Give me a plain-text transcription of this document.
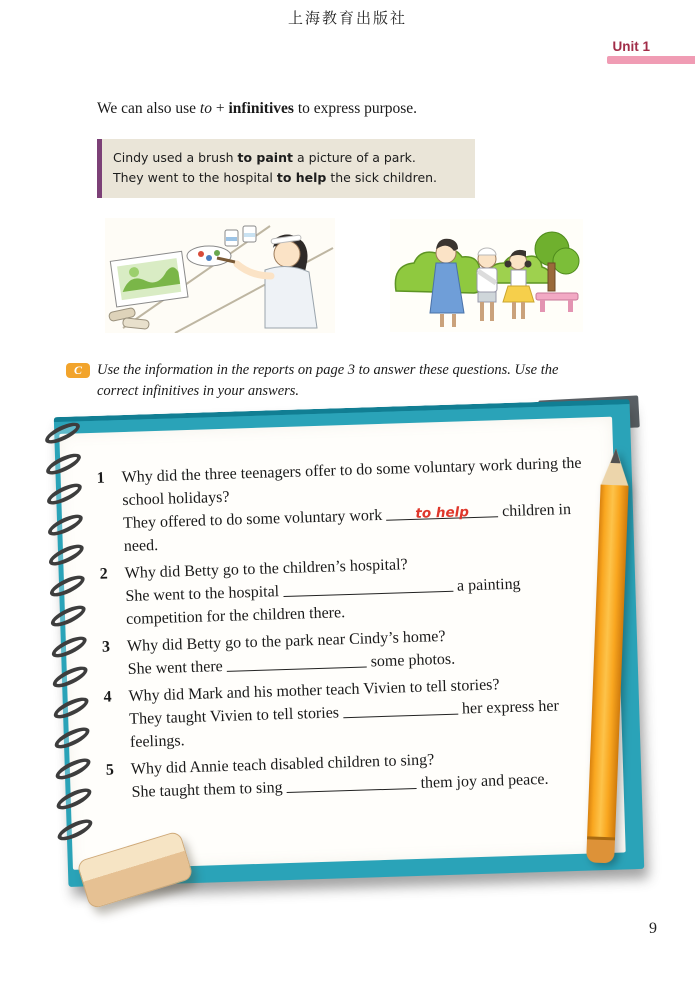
上海教育出版社
Unit 1
We can also use to + infinitives to express purpose.
Cindy used a brush to paint a picture of a park.
They went to the hospital to help the sick children.
C	Use the information in the reports on page 3 to answer these questions. Use the correct infinitives in your answers.
1	Why did the three teenagers offer to do some voluntary work during the school holidays?
They offered to do some voluntary work to help children in need.
2	Why did Betty go to the children’s hospital?
She went to the hospital	a painting competition for the children there.
3	Why did Betty go to the park near Cindy’s home?
She went there	some photos.
4	Why did Mark and his mother teach Vivien to tell stories?
They taught Vivien to tell stories	her express her feelings.
5	Why did Annie teach disabled children to sing?
She taught them to sing	them joy and peace.
9
